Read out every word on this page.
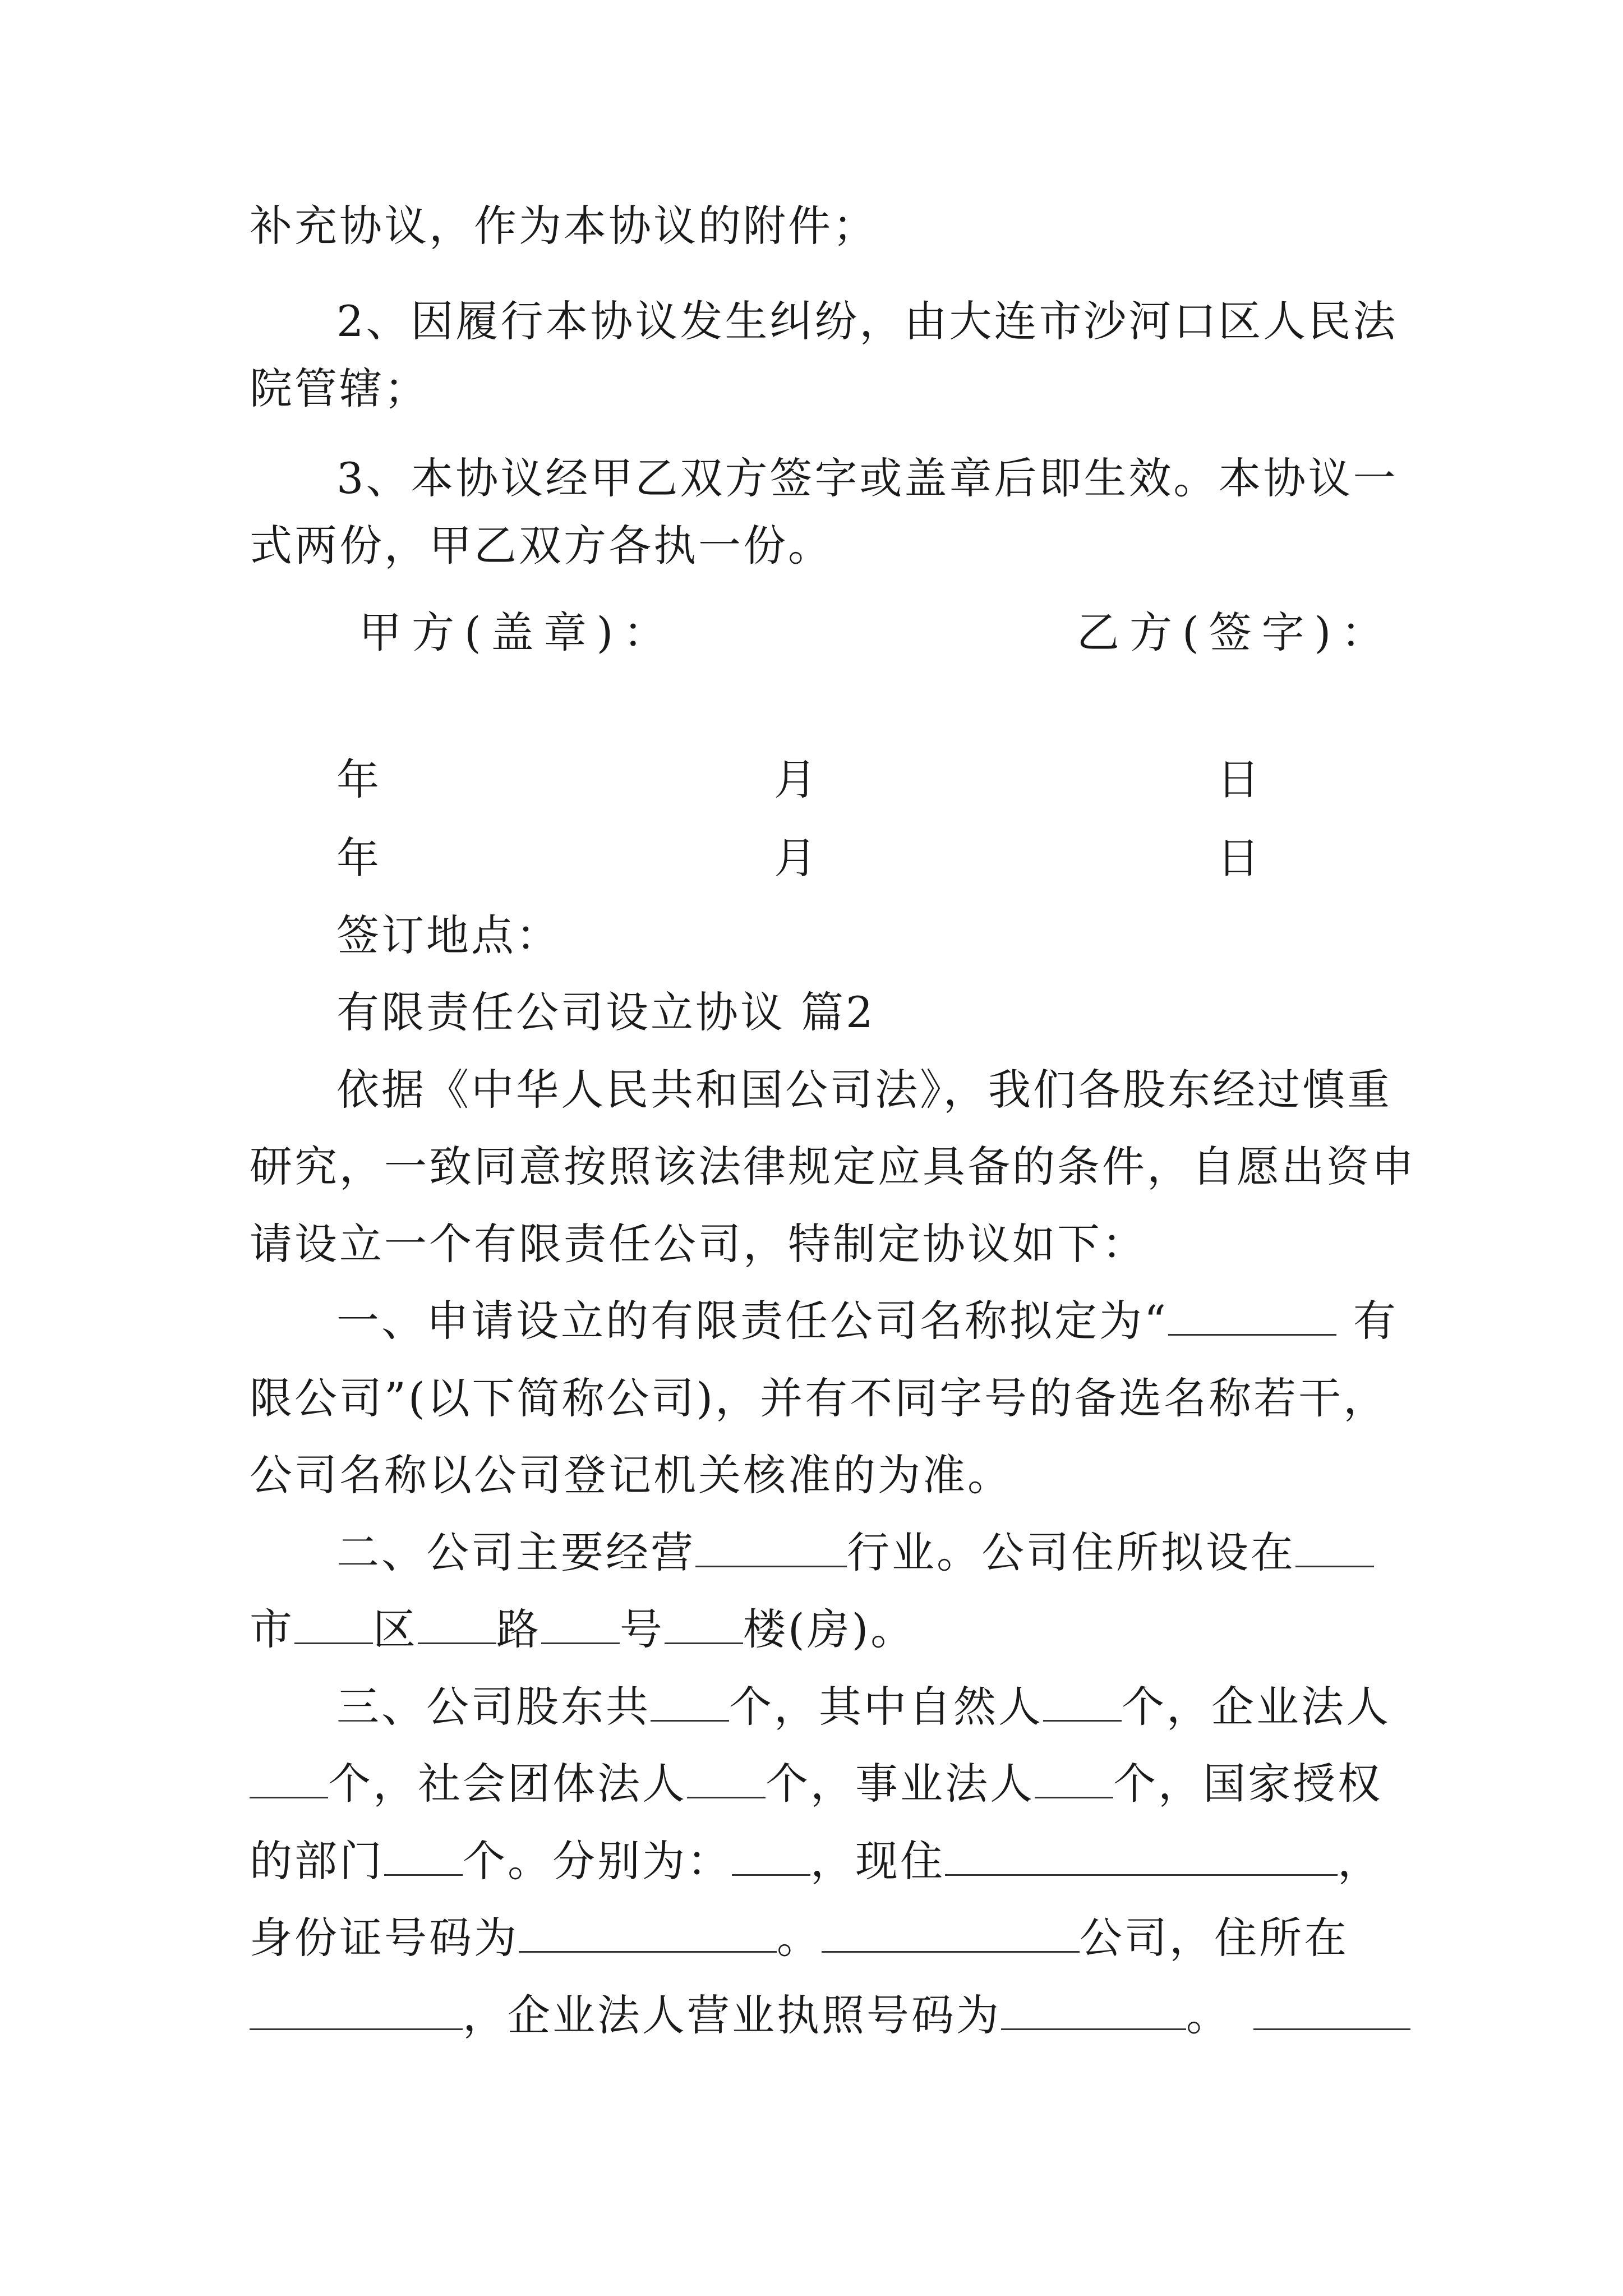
补充协议，作为本协议的附件；
2、因履行本协议发生纠纷，由大连市沙河口区人民法
院管辖；
3、本协议经甲乙双方签字或盖章后即生效。本协议一
式两份，甲乙双方各执一份。
甲方(盖章)：	乙方(签字)：
年	月	日
年	月	日
签订地点：
有限责任公司设立协议 篇2
依据《中华人民共和国公司法》，我们各股东经过慎重
研究，一致同意按照该法律规定应具备的条件，自愿出资申
请设立一个有限责任公司，特制定协议如下：
一、申请设立的有限责任公司名称拟定为“	有
限公司”(以下简称公司)，并有不同字号的备选名称若干，
公司名称以公司登记机关核准的为准。
二、公司主要经营	行业。公司住所拟设在
市 区 路 号 楼(房)。
三、公司股东共 个，其中自然人 个，企业法人
个，社会团体法人 个，事业法人 个，国家授权
的部门 个。分别为： ，现住	，
身份证号码为	。	公司，住所在
，企业法人营业执照号码为	。
